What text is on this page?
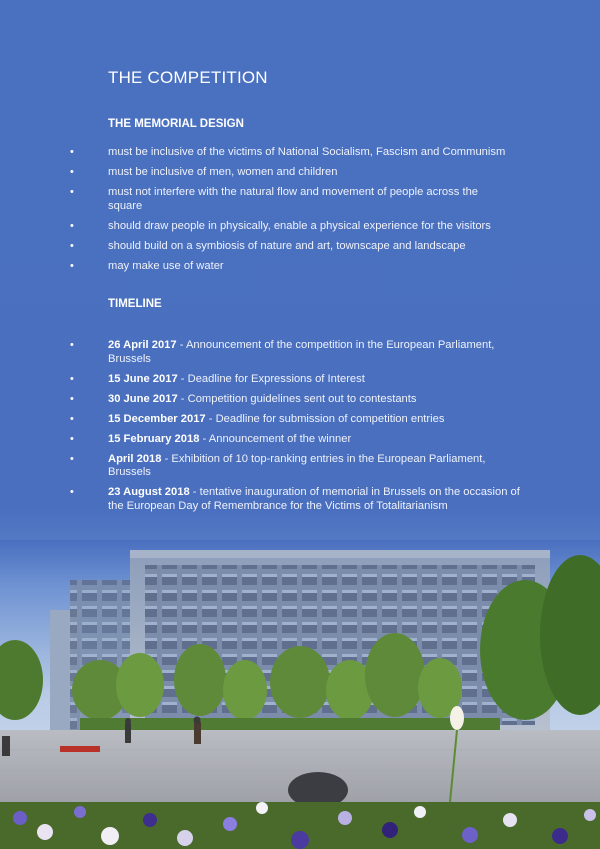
THE COMPETITION
THE MEMORIAL DESIGN
•	must be inclusive of the victims of National Socialism, Fascism and Communism
•	must be inclusive of men, women and children
•	must not interfere with the natural flow and movement of people across the square
•	should draw people in physically, enable a physical experience for the visitors
•	should build on a symbiosis of nature and art, townscape and landscape
•	may make use of water
TIMELINE
•	26 April 2017 - Announcement of the competition in the European Parliament, Brussels
•	15 June 2017 - Deadline for Expressions of Interest
•	30 June 2017 - Competition guidelines sent out to contestants
•	15 December 2017 - Deadline for submission of competition entries
•	15 February 2018 - Announcement of the winner
•	April 2018 - Exhibition of 10 top-ranking entries in the European Parliament, Brussels
•	23 August 2018 - tentative inauguration of memorial in Brussels on the occasion of the European Day of Remembrance for the Victims of Totalitarianism
